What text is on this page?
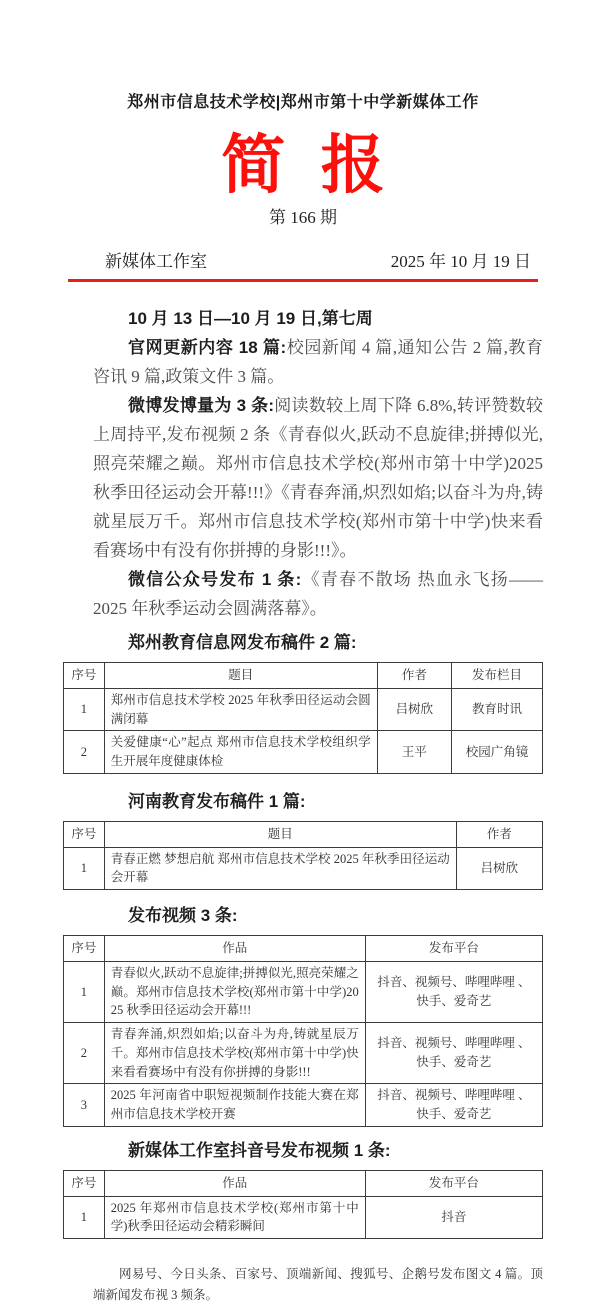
郑州市信息技术学校|郑州市第十中学新媒体工作
简  报
第 166 期
新媒体工作室	2025 年 10 月 19 日

10 月 13 日—10 月 19 日,第七周

官网更新内容 18 篇:校园新闻 4 篇,通知公告 2 篇,教育咨讯 9 篇,政策文件 3 篇。

微博发博量为 3 条:阅读数较上周下降 6.8%,转评赞数较上周持平,发布视频 2 条《青春似火,跃动不息旋律;拼搏似光,照亮荣耀之巅。郑州市信息技术学校(郑州市第十中学)2025 秋季田径运动会开幕!!!》《青春奔涌,炽烈如焰;以奋斗为舟,铸就星辰万千。郑州市信息技术学校(郑州市第十中学)快来看看赛场中有没有你拼搏的身影!!!》。

微信公众号发布 1 条:《青春不散场 热血永飞扬——2025 年秋季运动会圆满落幕》。

郑州教育信息网发布稿件 2 篇:
序号	题目	作者	发布栏目
1	郑州市信息技术学校 2025 年秋季田径运动会圆满闭幕	吕树欣	教育时讯
2	关爱健康“心”起点 郑州市信息技术学校组织学生开展年度健康体检	王平	校园广角镜
河南教育发布稿件 1 篇:
序号	题目	作者
1	青春正燃 梦想启航 郑州市信息技术学校 2025 年秋季田径运动会开幕	吕树欣
发布视频 3 条:
序号	作品	发布平台
1	青春似火,跃动不息旋律;拼搏似光,照亮荣耀之巅。郑州市信息技术学校(郑州市第十中学)2025 秋季田径运动会开幕!!!	抖音、视频号、哔哩哔哩 、快手、爱奇艺
2	青春奔涌,炽烈如焰;以奋斗为舟,铸就星辰万千。郑州市信息技术学校(郑州市第十中学)快来看看赛场中有没有你拼搏的身影!!!	抖音、视频号、哔哩哔哩 、快手、爱奇艺
3	2025 年河南省中职短视频制作技能大赛在郑州市信息技术学校开赛	抖音、视频号、哔哩哔哩 、快手、爱奇艺
新媒体工作室抖音号发布视频 1 条:
序号	作品	发布平台
1	2025 年郑州市信息技术学校(郑州市第十中学)秋季田径运动会精彩瞬间	抖音

网易号、今日头条、百家号、顶端新闻、搜狐号、企鹅号发布图文 4 篇。顶端新闻发布视 3 频条。
